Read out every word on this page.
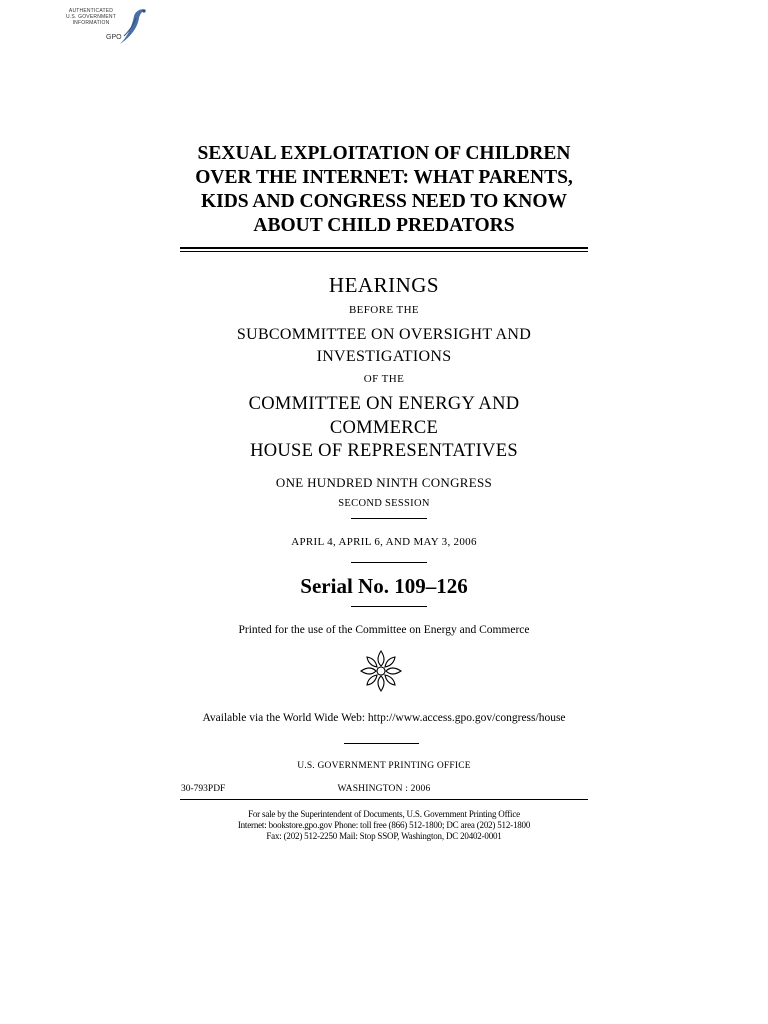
AUTHENTICATED
U.S. GOVERNMENT
INFORMATION
GPO
SEXUAL EXPLOITATION OF CHILDREN
OVER THE INTERNET: WHAT PARENTS,
KIDS AND CONGRESS NEED TO KNOW
ABOUT CHILD PREDATORS
HEARINGS
BEFORE THE
SUBCOMMITTEE ON OVERSIGHT AND
INVESTIGATIONS
OF THE
COMMITTEE ON ENERGY AND
COMMERCE
HOUSE OF REPRESENTATIVES
ONE HUNDRED NINTH CONGRESS
SECOND SESSION
APRIL 4, APRIL 6, AND MAY 3, 2006
Serial No. 109–126
Printed for the use of the Committee on Energy and Commerce
Available via the World Wide Web: http://www.access.gpo.gov/congress/house
U.S. GOVERNMENT PRINTING OFFICE
30-793PDF	WASHINGTON : 2006
For sale by the Superintendent of Documents, U.S. Government Printing Office
Internet: bookstore.gpo.gov Phone: toll free (866) 512-1800; DC area (202) 512-1800
Fax: (202) 512-2250 Mail: Stop SSOP, Washington, DC 20402-0001
